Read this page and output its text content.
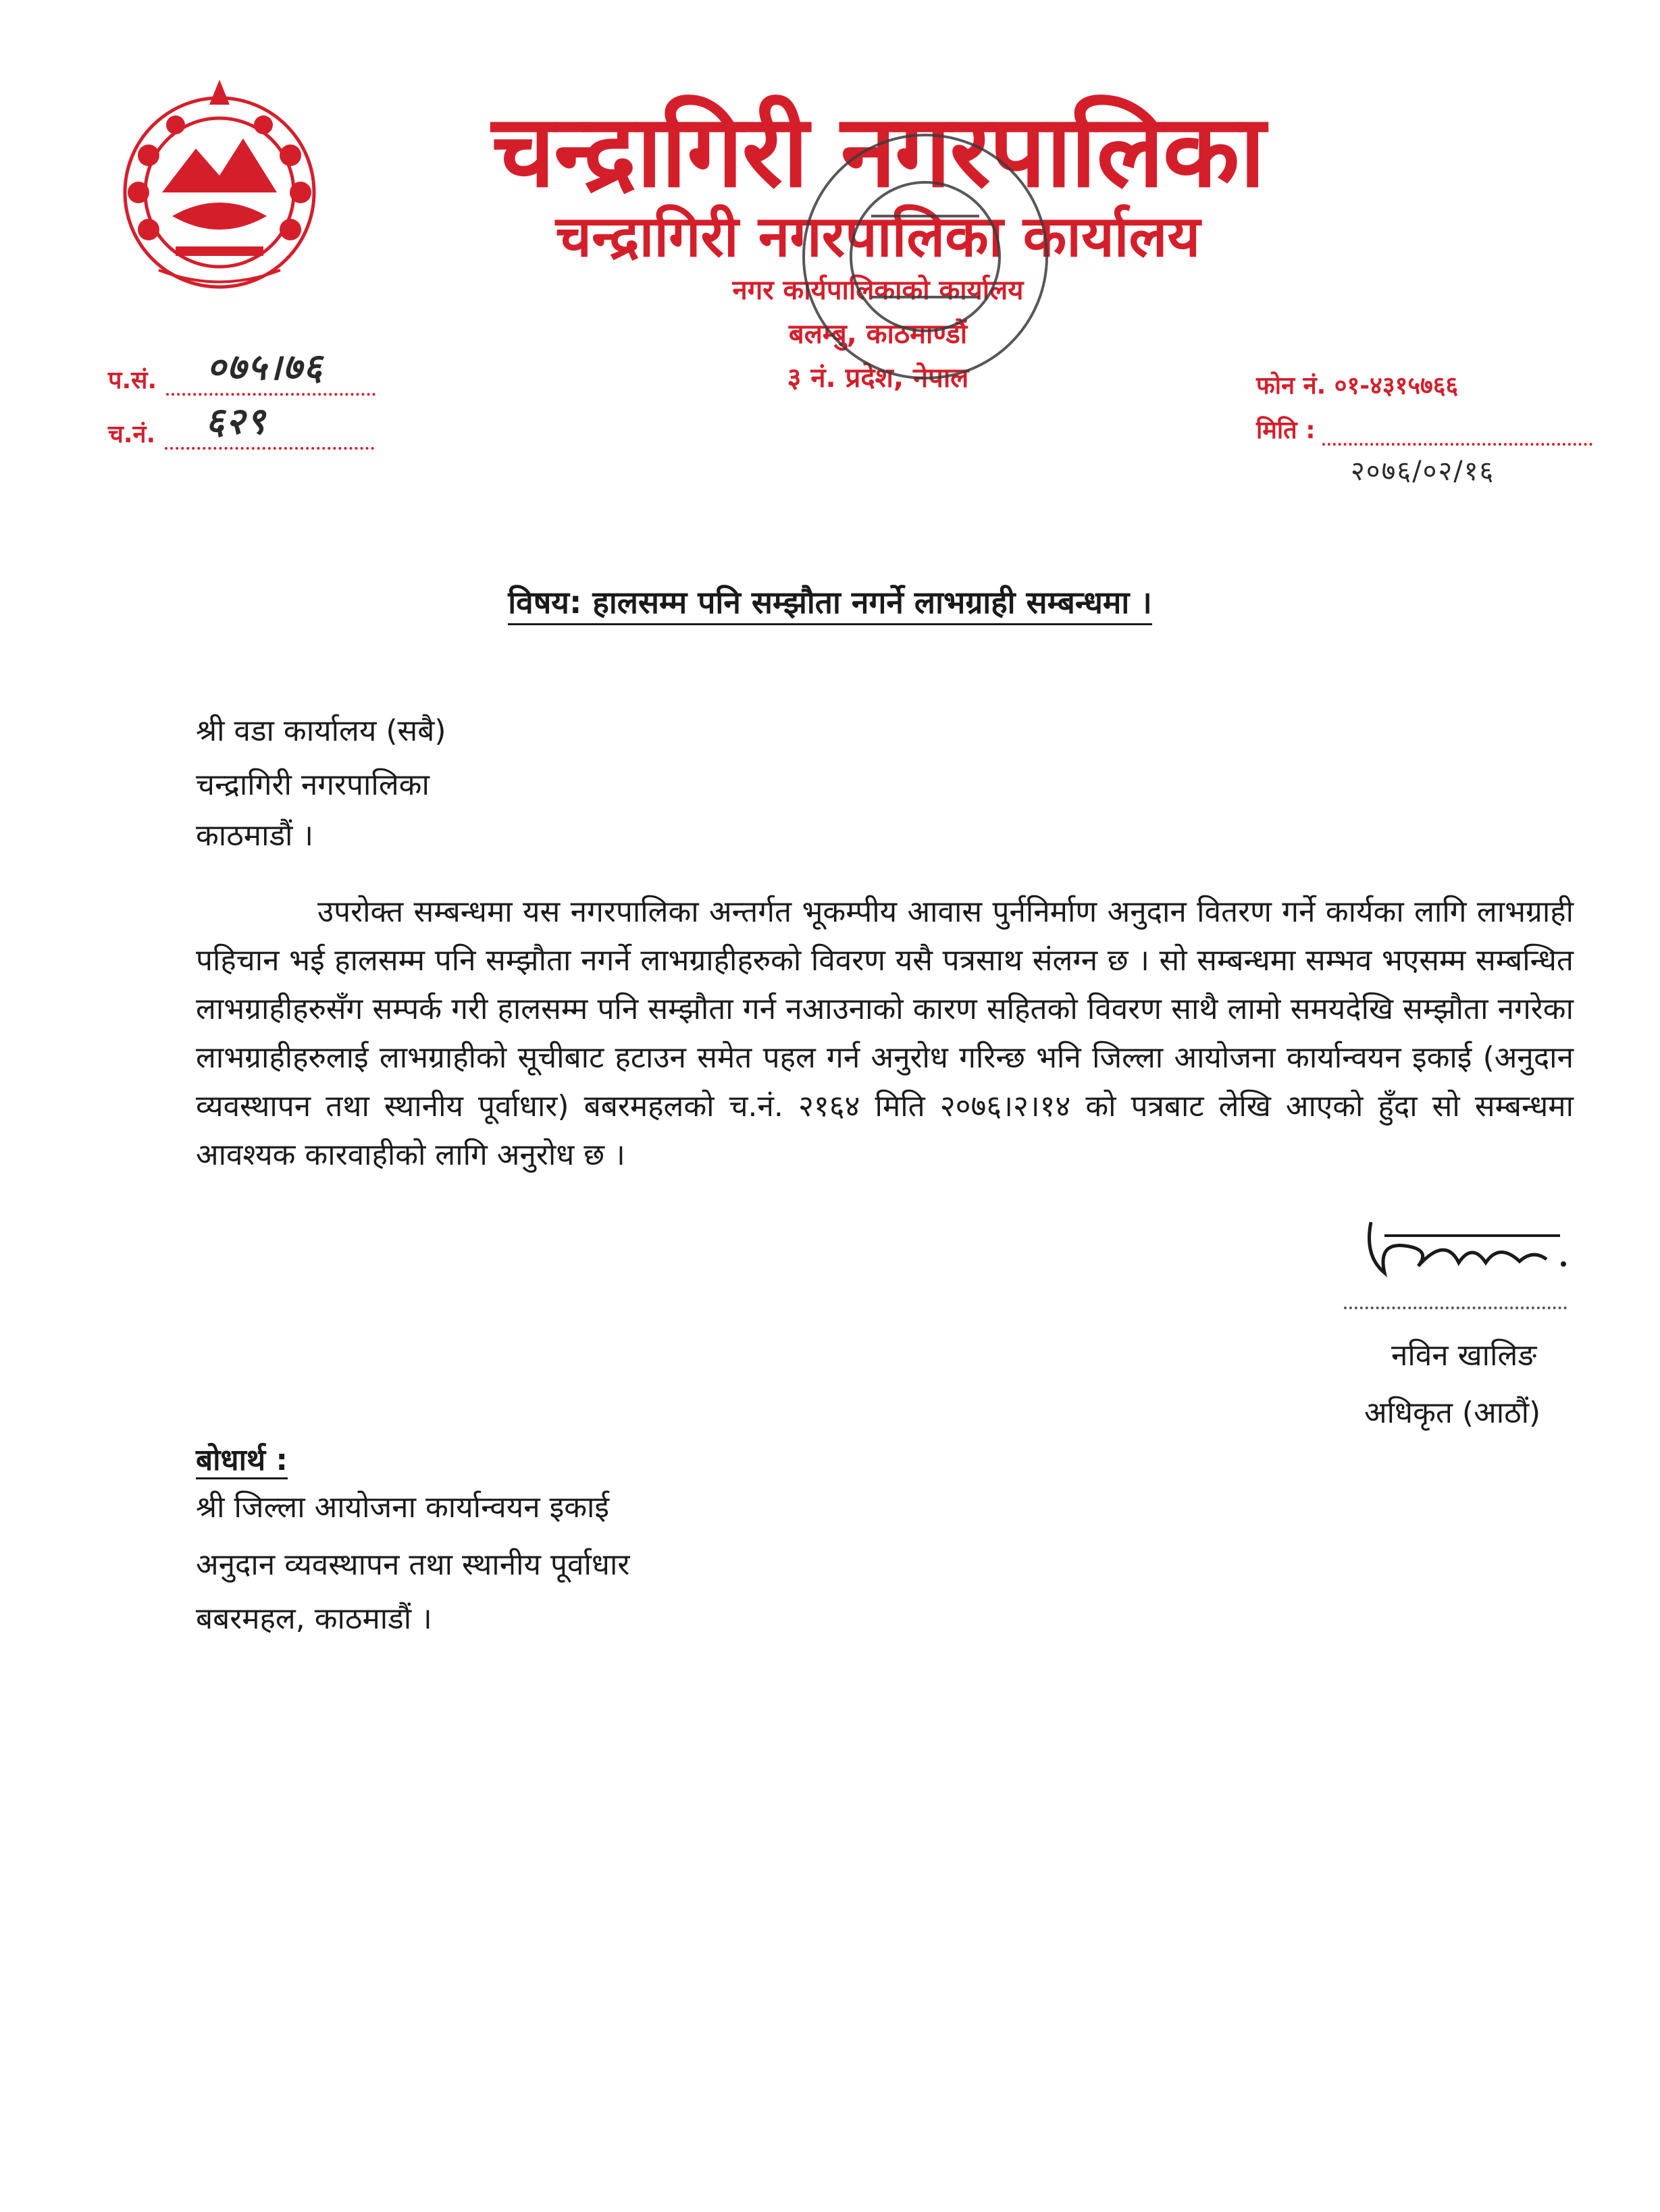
चन्द्रागिरी नगरपालिका
चन्द्रागिरी नगरपालिका कार्यालय
नगर कार्यपालिकाको कार्यालय
बलम्बु, काठमाण्डौं
३ नं. प्रदेश, नेपाल
प.सं. ०७५।७६
च.नं. ६२९
फोन नं. ०१-४३१५७६६
मिति :
२०७६/०२/१६
विषय: हालसम्म पनि सम्झौता नगर्ने लाभग्राही सम्बन्धमा ।
श्री वडा कार्यालय (सबै)
चन्द्रागिरी नगरपालिका
काठमाडौं ।
उपरोक्त सम्बन्धमा यस नगरपालिका अन्तर्गत भूकम्पीय आवास पुर्ननिर्माण अनुदान वितरण गर्ने कार्यका लागि लाभग्राही पहिचान भई हालसम्म पनि सम्झौता नगर्ने लाभग्राहीहरुको विवरण यसै पत्रसाथ संलग्न छ । सो सम्बन्धमा सम्भव भएसम्म सम्बन्धित लाभग्राहीहरुसँग सम्पर्क गरी हालसम्म पनि सम्झौता गर्न नआउनाको कारण सहितको विवरण साथै लामो समयदेखि सम्झौता नगरेका लाभग्राहीहरुलाई लाभग्राहीको सूचीबाट हटाउन समेत पहल गर्न अनुरोध गरिन्छ भनि जिल्ला आयोजना कार्यान्वयन इकाई (अनुदान व्यवस्थापन तथा स्थानीय पूर्वाधार) बबरमहलको च.नं. २१६४ मिति २०७६।२।१४ को पत्रबाट लेखि आएको हुँदा सो सम्बन्धमा आवश्यक कारवाहीको लागि अनुरोध छ ।
नविन खालिङ
अधिकृत (आठौं)
बोधार्थ :
श्री जिल्ला आयोजना कार्यान्वयन इकाई
अनुदान व्यवस्थापन तथा स्थानीय पूर्वाधार
बबरमहल, काठमाडौं ।
